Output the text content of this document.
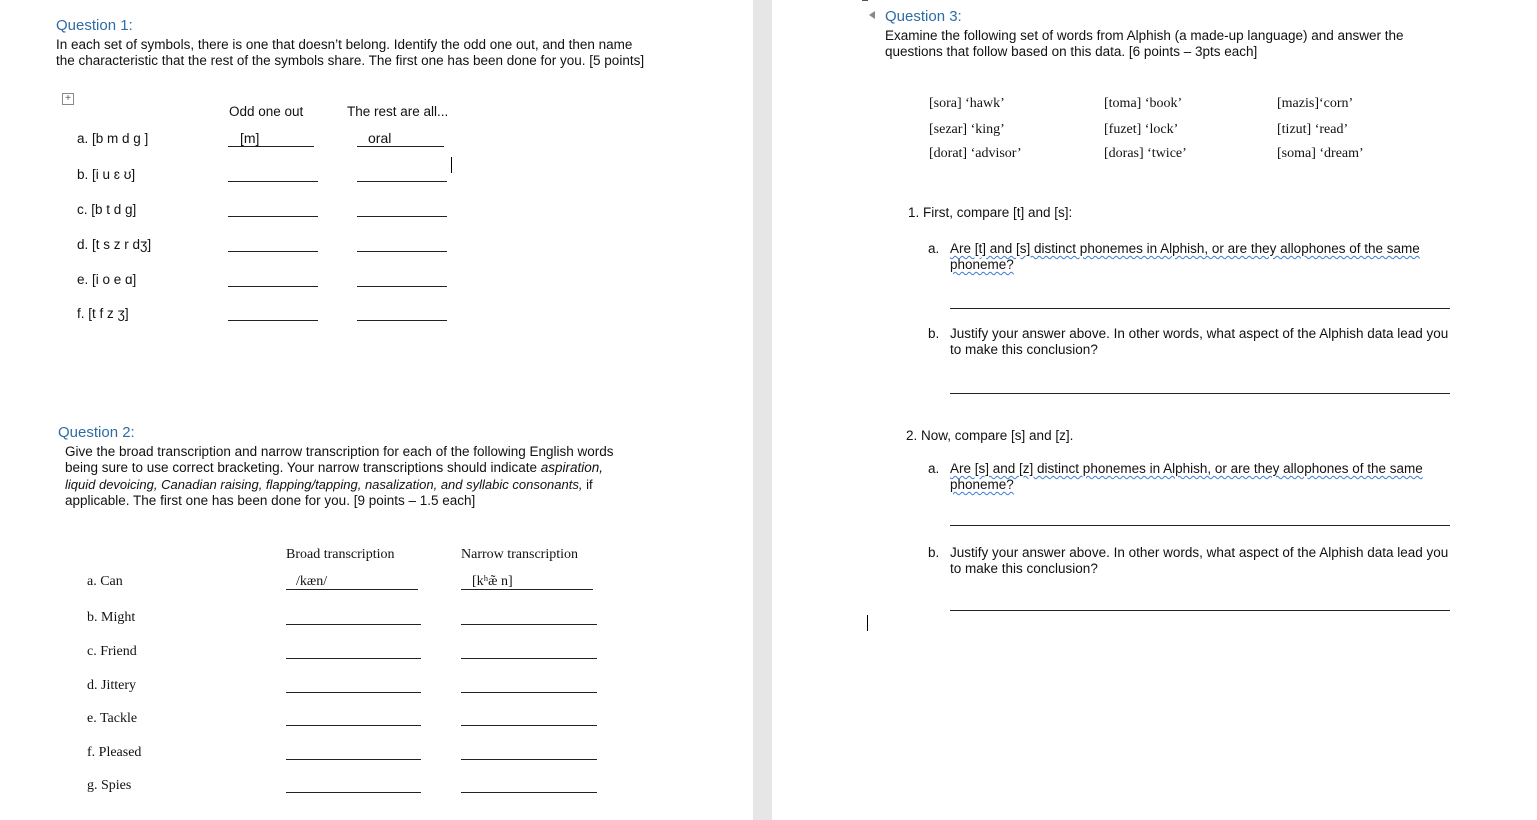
Question 1:
In each set of symbols, there is one that doesn’t belong. Identify the odd one out, and then name
the characteristic that the rest of the symbols share. The first one has been done for you. [5 points]
+
Odd one out	The rest are all...
a. [b m d g ]	[m]	oral
b. [i u ɛ ʊ]
c. [b t d g]
d. [t s z r dʒ]
e. [i o e ɑ]
f. [t f z ʒ]
Question 2:
Give the broad transcription and narrow transcription for each of the following English words
being sure to use correct bracketing. Your narrow transcriptions should indicate aspiration,
liquid devoicing, Canadian raising, flapping/tapping, nasalization, and syllabic consonants, if
applicable. The first one has been done for you. [9 points – 1.5 each]
Broad transcription	Narrow transcription
a. Can	/kæn/	[kʰæ̃ n]
b. Might
c. Friend
d. Jittery
e. Tackle
f. Pleased
g. Spies
Question 3:
Examine the following set of words from Alphish (a made-up language) and answer the
questions that follow based on this data. [6 points – 3pts each]
[sora] ‘hawk’	[toma] ‘book’	[mazis]‘corn’
[sezar] ‘king’	[fuzet] ‘lock’	[tizut] ‘read’
[dorat] ‘advisor’	[doras] ‘twice’	[soma] ‘dream’
1. First, compare [t] and [s]:
a. Are [t] and [s] distinct phonemes in Alphish, or are they allophones of the same
phoneme?
b. Justify your answer above. In other words, what aspect of the Alphish data lead you
to make this conclusion?
2. Now, compare [s] and [z].
a. Are [s] and [z] distinct phonemes in Alphish, or are they allophones of the same
phoneme?
b. Justify your answer above. In other words, what aspect of the Alphish data lead you
to make this conclusion?
